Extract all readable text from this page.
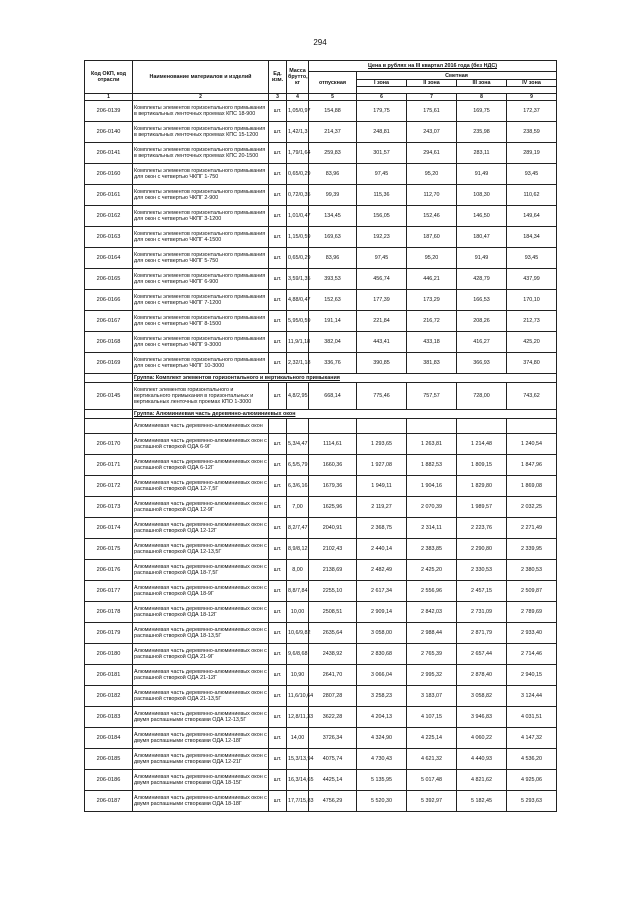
294
Код ОКП, код отрасли	Наименование материалов и изделий	Ед. изм.	Масса брутто, кг	Цена в рублях на III квартал 2016 года (без НДС)				
				отпускная	Сметная			
					I зона	II зона	III зона	IV зона

1	2	3	4	5	6	7	8	9
206-0139	Комплекты элементов горизонтального примыкания в вертикальных ленточных проемах КПС 18-900	шт.	1,05/0,97	154,88	179,75	175,61	169,75	172,37
206-0140	Комплекты элементов горизонтального примыкания в вертикальных ленточных проемах КПС 15-1200	шт.	1,42/1,3	214,37	248,81	243,07	235,98	238,59
206-0141	Комплекты элементов горизонтального примыкания в вертикальных ленточных проемах КПС 20-1500	шт.	1,79/1,64	259,83	301,57	294,61	283,11	289,19
206-0160	Комплекты элементов горизонтального примыкания для окон с четвертью ЧКПГ 1-750	шт.	0,65/0,29	83,96	97,45	95,20	91,49	93,45
206-0161	Комплекты элементов горизонтального примыкания для окон с четвертью ЧКПГ 2-900	шт.	0,72/0,35	99,39	115,36	112,70	108,30	110,62
206-0162	Комплекты элементов горизонтального примыкания для окон с четвертью ЧКПГ 3-1200	шт.	1,01/0,47	134,45	156,05	152,46	146,50	149,64
206-0163	Комплекты элементов горизонтального примыкания для окон с четвертью ЧКПГ 4-1500	шт.	1,15/0,59	169,63	192,23	187,60	180,47	184,34
206-0164	Комплекты элементов горизонтального примыкания для окон с четвертью ЧКПГ 5-750	шт.	0,65/0,29	83,96	97,45	95,20	91,49	93,45
206-0165	Комплекты элементов горизонтального примыкания для окон с четвертью ЧКПГ 6-900	шт.	3,59/1,35	393,53	456,74	446,21	428,79	437,99
206-0166	Комплекты элементов горизонтального примыкания для окон с четвертью ЧКПГ 7-1200	шт.	4,88/0,47	152,63	177,39	173,29	166,53	170,10
206-0167	Комплекты элементов горизонтального примыкания для окон с четвертью ЧКПГ 8-1500	шт.	5,95/0,59	191,14	221,84	216,72	208,26	212,73
206-0168	Комплекты элементов горизонтального примыкания для окон с четвертью ЧКПГ 9-3000	шт.	11,9/1,18	382,04	443,41	433,18	416,27	425,20
206-0169	Комплекты элементов горизонтального примыкания для окон с четвертью ЧКПГ 10-3000	шт.	2,32/1,18	336,76	390,85	381,83	366,93	374,80
	Группа: Комплект элементов горизонтального и вертикального примыкания							
206-0145	Комплект элементов горизонтального и вертикального примыкания в горизонтальных и вертикальных ленточных проемах КПО 1-3000	шт.	4,8/2,95	668,14	775,46	757,57	728,00	743,62
	Группа: Алюминиевая часть деревянно-алюминиевых окон							
	Алюминиевая часть деревянно-алюминиевых окон							
206-0170	Алюминиевая часть деревянно-алюминиевых окон с распашной створкой ОДА 6-9Г	шт.	5,3/4,47	1114,61	1 293,65	1 263,81	1 214,48	1 240,54
206-0171	Алюминиевая часть деревянно-алюминиевых окон с распашной створкой ОДА 6-12Г	шт.	6,5/5,79	1660,36	1 927,08	1 882,53	1 809,15	1 847,96
206-0172	Алюминиевая часть деревянно-алюминиевых окон с распашной створкой ОДА 12-7,5Г	шт.	6,3/6,16	1679,36	1 949,11	1 904,16	1 829,80	1 869,08
206-0173	Алюминиевая часть деревянно-алюминиевых окон с распашной створкой ОДА 12-9Г	шт.	7,00	1625,96	2 119,27	2 070,39	1 989,57	2 032,25
206-0174	Алюминиевая часть деревянно-алюминиевых окон с распашной створкой ОДА 12-12Г	шт.	8,2/7,47	2040,91	2 368,75	2 314,11	2 223,76	2 271,49
206-0175	Алюминиевая часть деревянно-алюминиевых окон с распашной створкой ОДА 12-13,5Г	шт.	8,9/8,12	2102,43	2 440,14	2 383,85	2 290,80	2 339,95
206-0176	Алюминиевая часть деревянно-алюминиевых окон с распашной створкой ОДА 18-7,5Г	шт.	8,00	2138,69	2 482,49	2 425,20	2 330,53	2 380,53
206-0177	Алюминиевая часть деревянно-алюминиевых окон с распашной створкой ОДА 18-9Г	шт.	8,8/7,84	2255,10	2 617,34	2 556,96	2 457,15	2 509,87
206-0178	Алюминиевая часть деревянно-алюминиевых окон с распашной створкой ОДА 18-12Г	шт.	10,00	2508,51	2 909,14	2 842,03	2 731,09	2 789,69
206-0179	Алюминиевая часть деревянно-алюминиевых окон с распашной створкой ОДА 18-13,5Г	шт.	10,6/9,82	2635,64	3 058,00	2 988,44	2 871,79	2 933,40
206-0180	Алюминиевая часть деревянно-алюминиевых окон с распашной створкой ОДА 21-9Г	шт.	9,6/8,68	2438,92	2 830,68	2 765,39	2 657,44	2 714,46
206-0181	Алюминиевая часть деревянно-алюминиевых окон с распашной створкой ОДА 21-12Г	шт.	10,90	2641,70	3 066,04	2 995,32	2 878,40	2 940,15
206-0182	Алюминиевая часть деревянно-алюминиевых окон с распашной створкой ОДА 21-13,5Г	шт.	11,6/10,64	2807,28	3 258,23	3 183,07	3 058,82	3 124,44
206-0183	Алюминиевая часть деревянно-алюминиевых окон с двумя распашными створками ОДА 12-13,5Г	шт.	12,8/11,33	3622,28	4 204,13	4 107,15	3 946,83	4 031,51
206-0184	Алюминиевая часть деревянно-алюминиевых окон с двумя распашными створками ОДА 12-18Г	шт.	14,00	3726,34	4 324,90	4 225,14	4 060,22	4 147,32
206-0185	Алюминиевая часть деревянно-алюминиевых окон с двумя распашными створками ОДА 12-21Г	шт.	15,3/13,94	4075,74	4 730,43	4 621,32	4 440,93	4 536,20
206-0186	Алюминиевая часть деревянно-алюминиевых окон с двумя распашными створками ОДА 18-15Г	шт.	16,3/14,65	4425,14	5 135,95	5 017,48	4 821,62	4 925,06
206-0187	Алюминиевая часть деревянно-алюминиевых окон с двумя распашными створками ОДА 18-18Г	шт.	17,7/15,83	4756,29	5 520,30	5 392,97	5 182,45	5 293,63
